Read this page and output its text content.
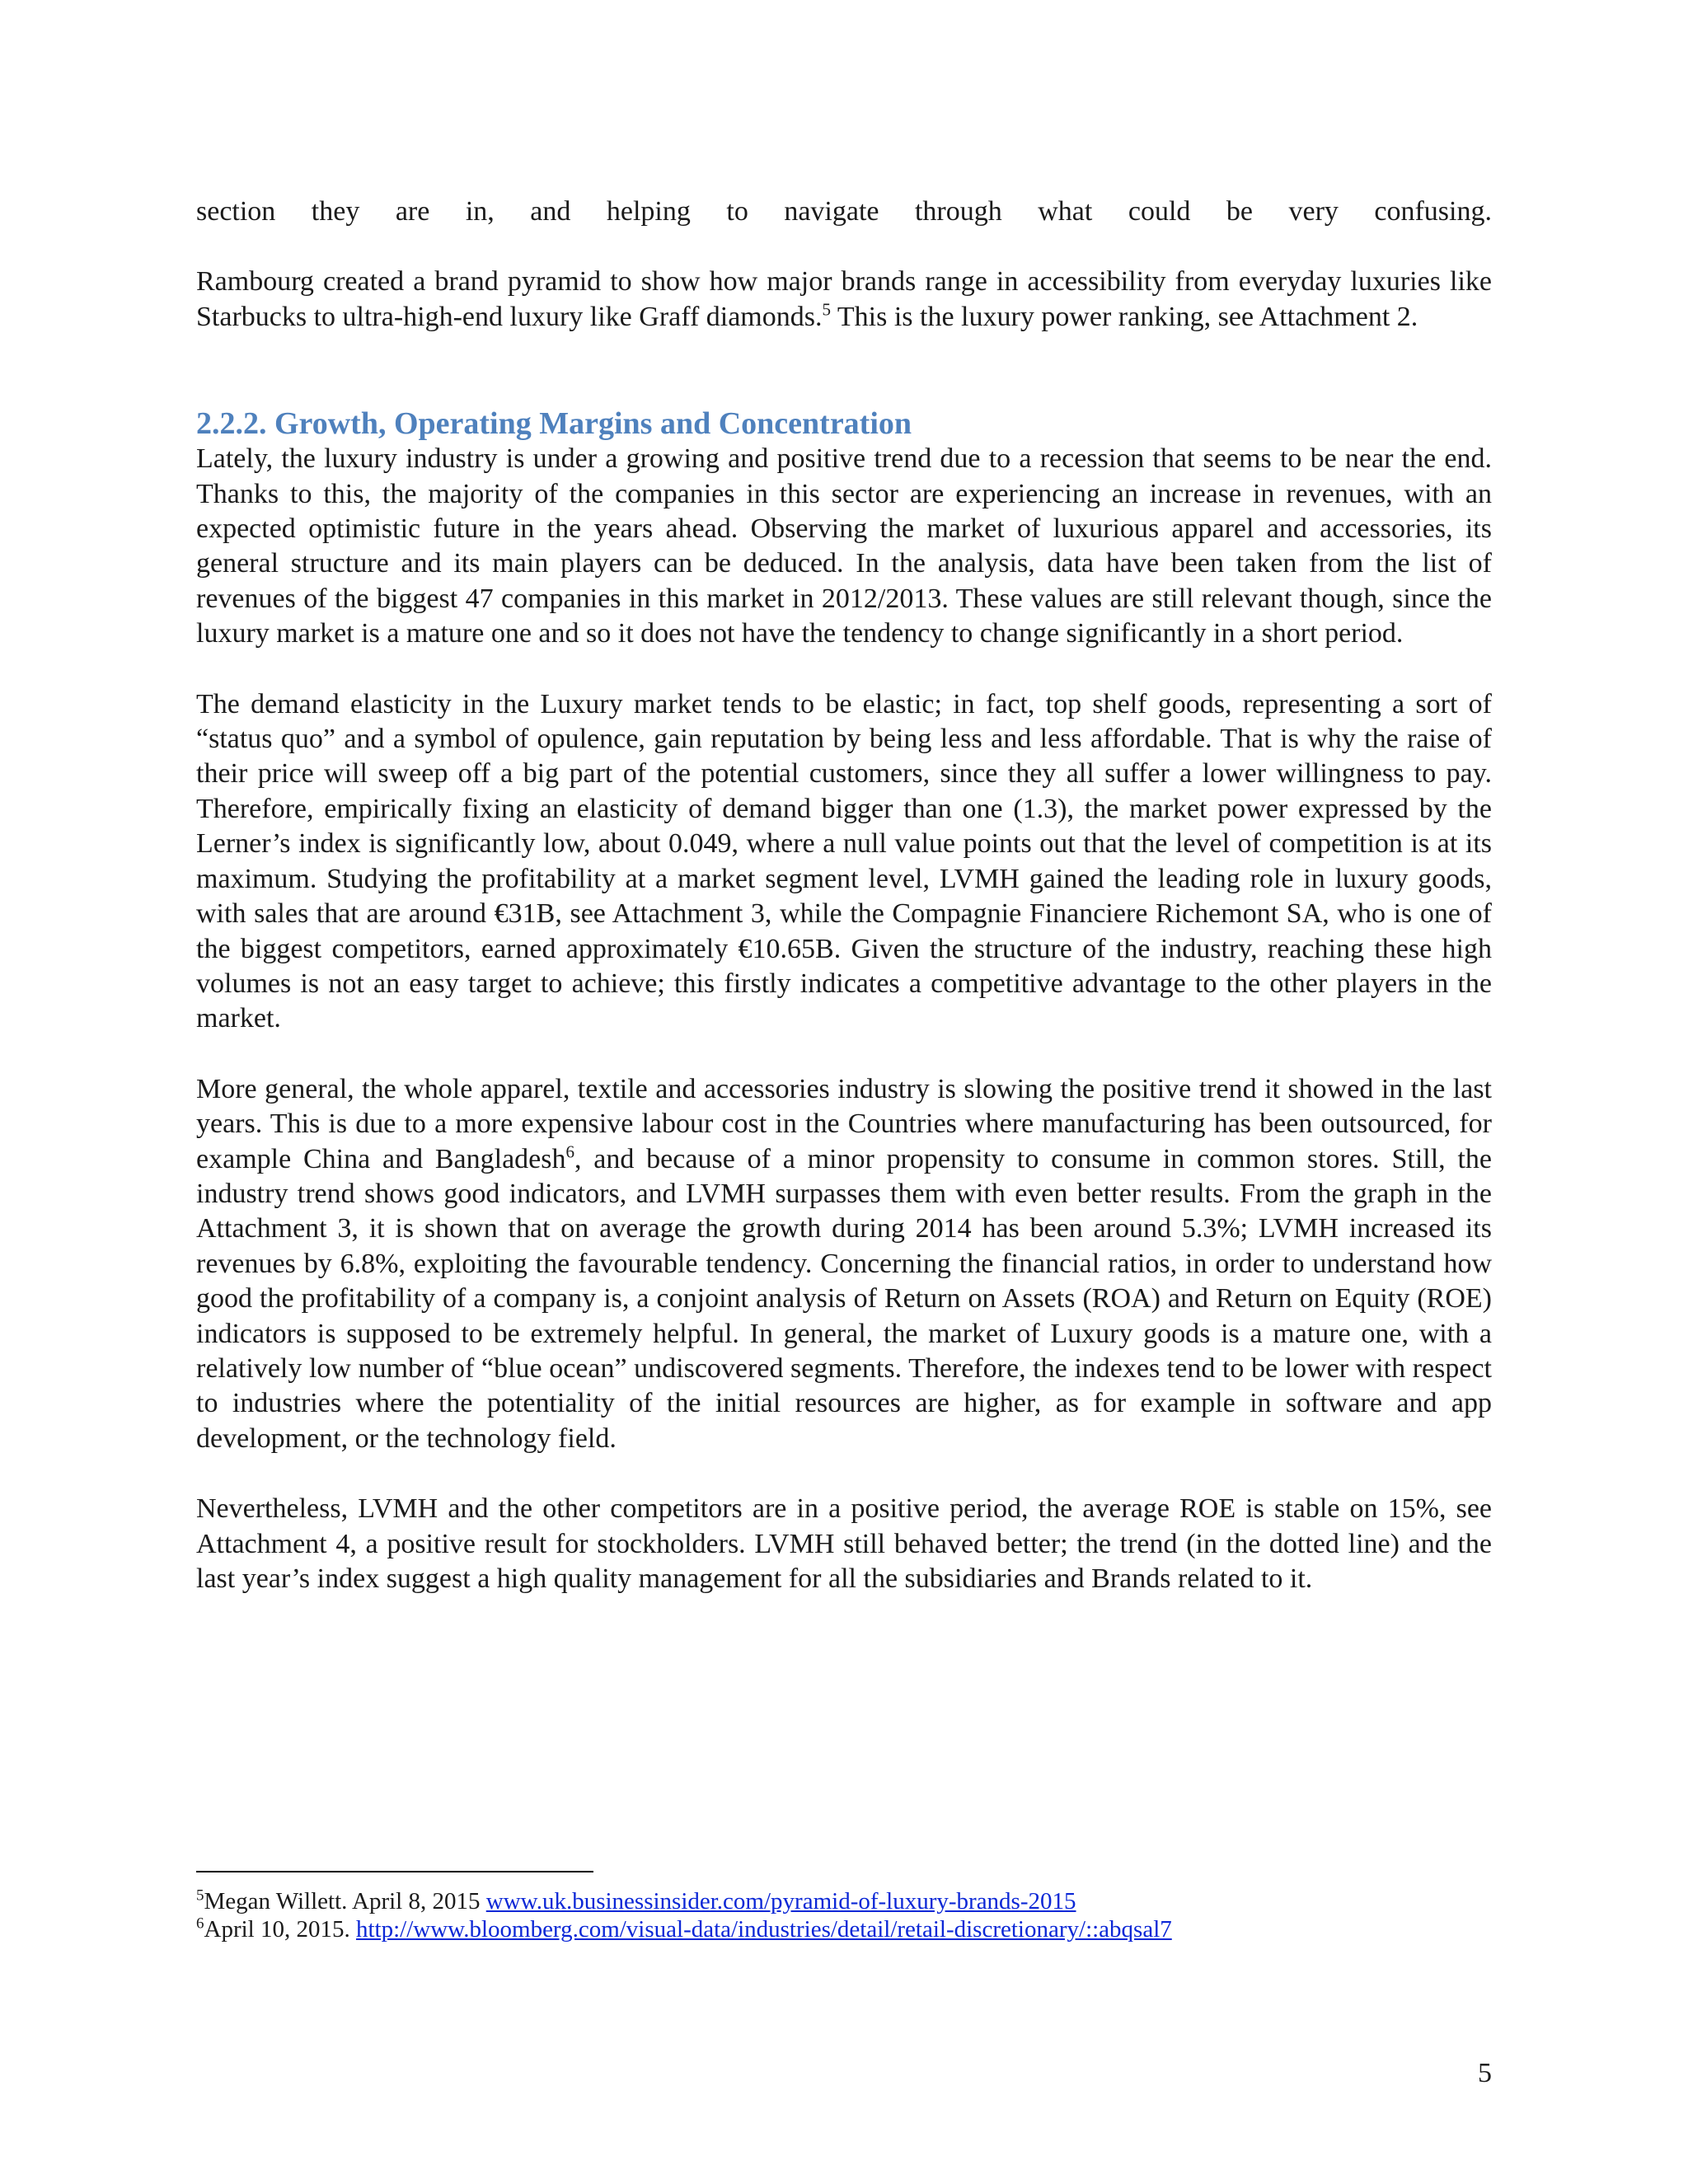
section they are in, and helping to navigate through what could be very confusing.

Rambourg created a brand pyramid to show how major brands range in accessibility from everyday luxuries like Starbucks to ultra-high-end luxury like Graff diamonds.$^5$ This is the luxury power ranking, see Attachment 2.

2.2.2. Growth, Operating Margins and Concentration

Lately, the luxury industry is under a growing and positive trend due to a recession that seems to be near the end. Thanks to this, the majority of the companies in this sector are experiencing an increase in revenues, with an expected optimistic future in the years ahead. Observing the market of luxurious apparel and accessories, its general structure and its main players can be deduced. In the analysis, data have been taken from the list of revenues of the biggest 47 companies in this market in 2012/2013. These values are still relevant though, since the luxury market is a mature one and so it does not have the tendency to change significantly in a short period.

The demand elasticity in the Luxury market tends to be elastic; in fact, top shelf goods, representing a sort of “status quo” and a symbol of opulence, gain reputation by being less and less affordable. That is why the raise of their price will sweep off a big part of the potential customers, since they all suffer a lower willingness to pay. Therefore, empirically fixing an elasticity of demand bigger than one (1.3), the market power expressed by the Lerner’s index is significantly low, about 0.049, where a null value points out that the level of competition is at its maximum. Studying the profitability at a market segment level, LVMH gained the leading role in luxury goods, with sales that are around €31B, see Attachment 3, while the Compagnie Financiere Richemont SA, who is one of the biggest competitors, earned approximately €10.65B. Given the structure of the industry, reaching these high volumes is not an easy target to achieve; this firstly indicates a competitive advantage to the other players in the market.

More general, the whole apparel, textile and accessories industry is slowing the positive trend it showed in the last years. This is due to a more expensive labour cost in the Countries where manufacturing has been outsourced, for example China and Bangladesh$^6$, and because of a minor propensity to consume in common stores. Still, the industry trend shows good indicators, and LVMH surpasses them with even better results. From the graph in the Attachment 3, it is shown that on average the growth during 2014 has been around 5.3%; LVMH increased its revenues by 6.8%, exploiting the favourable tendency. Concerning the financial ratios, in order to understand how good the profitability of a company is, a conjoint analysis of Return on Assets (ROA) and Return on Equity (ROE) indicators is supposed to be extremely helpful. In general, the market of Luxury goods is a mature one, with a relatively low number of “blue ocean” undiscovered segments. Therefore, the indexes tend to be lower with respect to industries where the potentiality of the initial resources are higher, as for example in software and app development, or the technology field.

Nevertheless, LVMH and the other competitors are in a positive period, the average ROE is stable on 15%, see Attachment 4, a positive result for stockholders. LVMH still behaved better; the trend (in the dotted line) and the last year’s index suggest a high quality management for all the subsidiaries and Brands related to it.

$^5$Megan Willett. April 8, 2015 www.uk.businessinsider.com/pyramid-of-luxury-brands-2015
$^6$April 10, 2015. http://www.bloomberg.com/visual-data/industries/detail/retail-discretionary/::abqsal7
5
